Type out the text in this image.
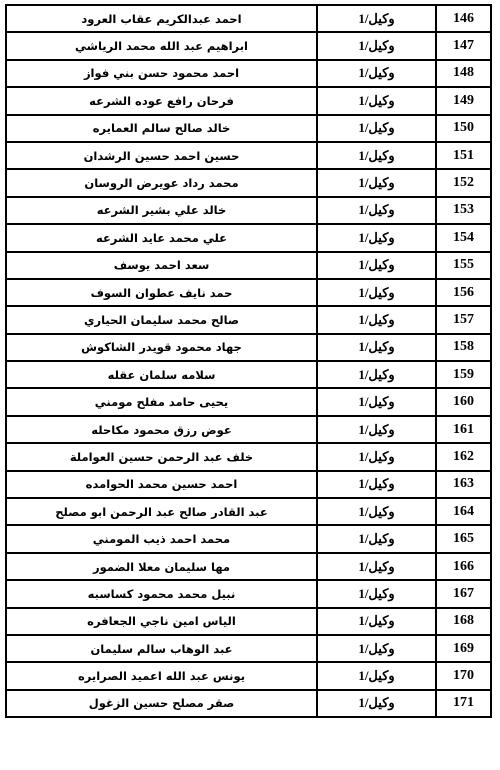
146	وكيل/1	احمد عبدالكريم عقاب العرود
147	وكيل/1	ابراهيم عبد الله محمد الرياشي
148	وكيل/1	احمد محمود حسن بني فواز
149	وكيل/1	فرحان رافع عوده الشرعه
150	وكيل/1	خالد صالح سالم العمايره
151	وكيل/1	حسين احمد حسين الرشدان
152	وكيل/1	محمد رداد عويرض الروسان
153	وكيل/1	خالد علي بشير الشرعه
154	وكيل/1	علي محمد عايد الشرعه
155	وكيل/1	سعد احمد يوسف
156	وكيل/1	حمد نايف عطوان السوف
157	وكيل/1	صالح محمد سليمان الحياري
158	وكيل/1	جهاد محمود قويدر الشاكوش
159	وكيل/1	سلامه سلمان عقله
160	وكيل/1	يحيى حامد مفلح مومني
161	وكيل/1	عوض رزق محمود مكاحله
162	وكيل/1	خلف عبد الرحمن حسين العواملة
163	وكيل/1	احمد حسين محمد الحوامده
164	وكيل/1	عبد القادر صالح عبد الرحمن ابو مصلح
165	وكيل/1	محمد احمد ذيب المومني
166	وكيل/1	مها سليمان معلا الضمور
167	وكيل/1	نبيل محمد محمود كساسبه
168	وكيل/1	الياس امين ناجي الجعافره
169	وكيل/1	عبد الوهاب سالم سليمان
170	وكيل/1	يونس عبد الله اعميد الصرايره
171	وكيل/1	صقر مصلح حسين الزغول
